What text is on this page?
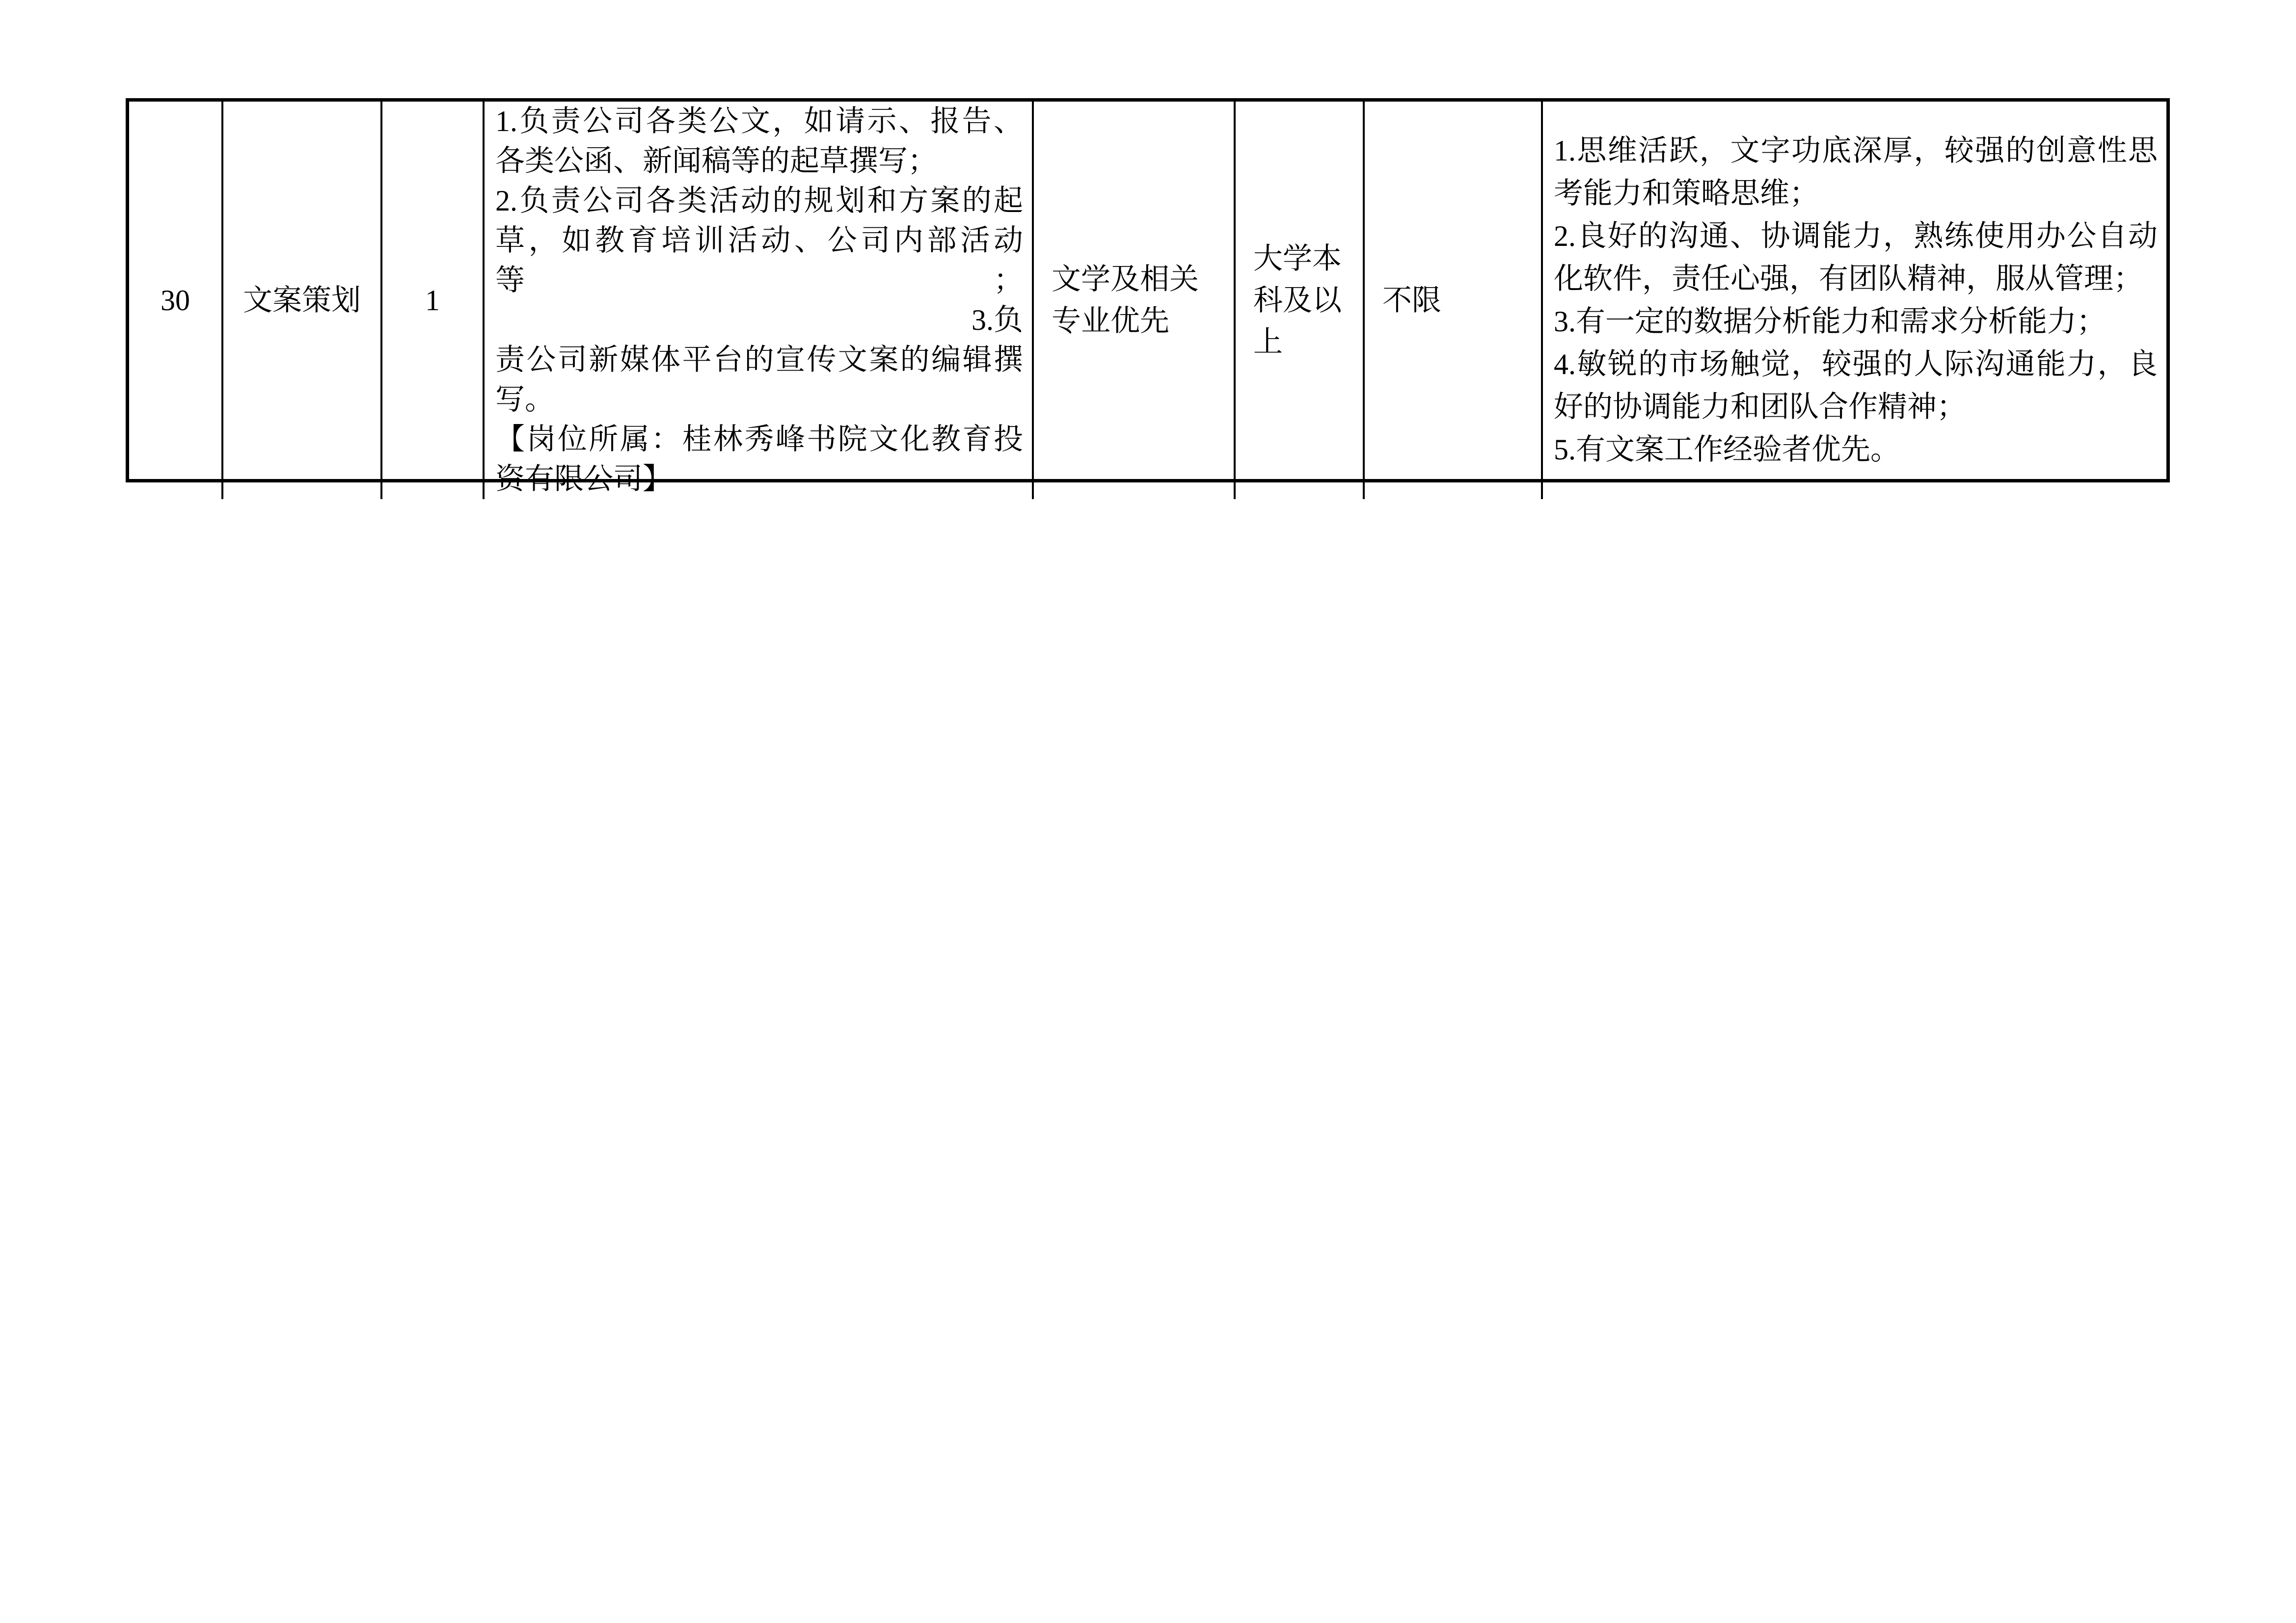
30 文案策划 1
1.负责公司各类公文，如请示、报告、
各类公函、新闻稿等的起草撰写；
2.负责公司各类活动的规划和方案的起
草，如教育培训活动、公司内部活动等；
3.负
责公司新媒体平台的宣传文案的编辑撰
写。
【岗位所属：桂林秀峰书院文化教育投
资有限公司】
文学及相关
专业优先
大学本
科及以
上
不限
1.思维活跃，文字功底深厚，较强的创意性思
考能力和策略思维；
2.良好的沟通、协调能力，熟练使用办公自动
化软件，责任心强，有团队精神，服从管理；
3.有一定的数据分析能力和需求分析能力；
4.敏锐的市场触觉，较强的人际沟通能力，良
好的协调能力和团队合作精神；
5.有文案工作经验者优先。
